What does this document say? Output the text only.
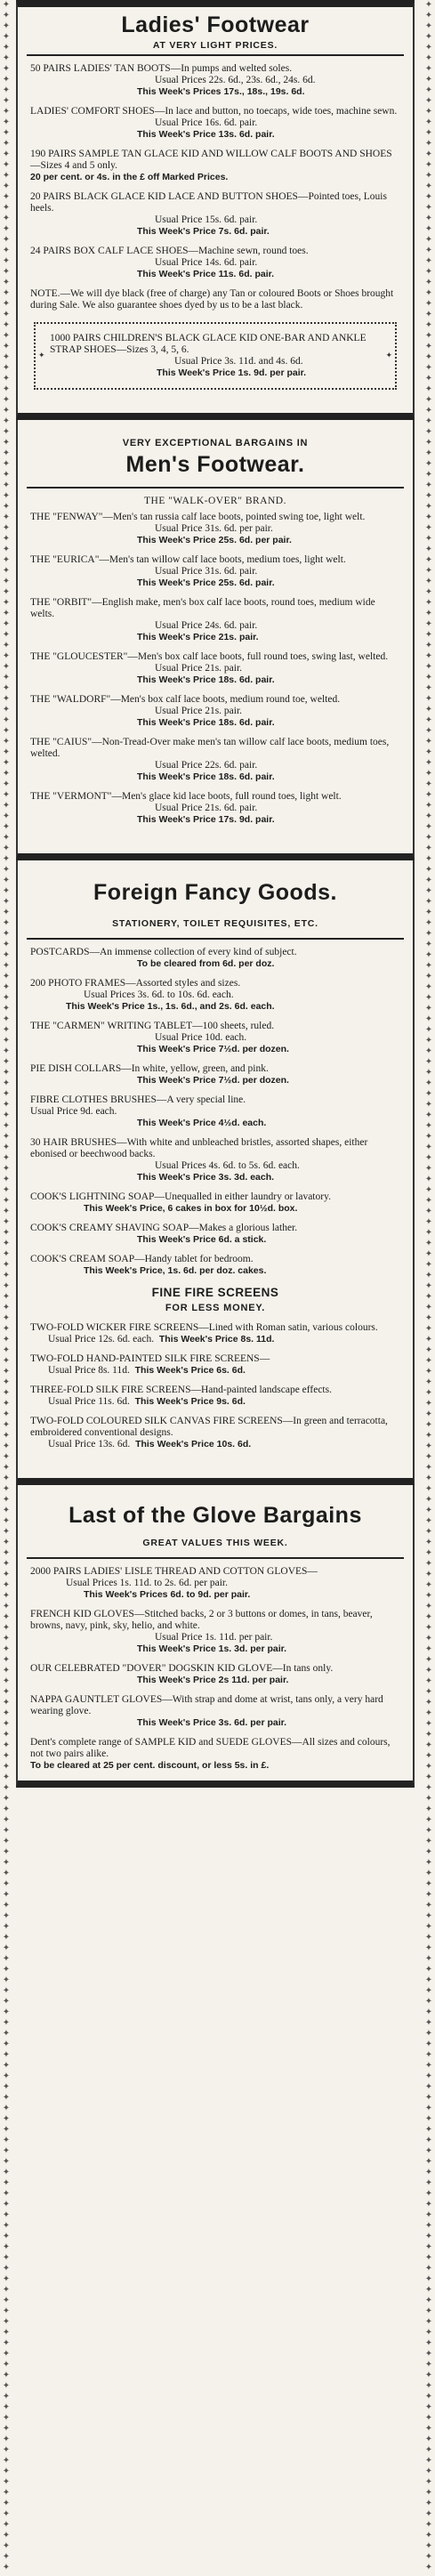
✦
✦
✦
✦
✦
✦
✦
✦
✦
✦
✦
✦
✦
✦
✦
✦
✦
✦
✦
✦
✦
✦
✦
✦
✦
✦
✦
✦
✦
✦
✦
✦
✦
✦
✦
✦
✦
✦
✦
✦
✦
✦
✦
✦
✦
✦
✦
✦
✦
✦
✦
✦
✦
✦
✦
✦
✦
✦
✦
✦
✦
✦
✦
✦
✦
✦
✦
✦
✦
✦
✦
✦
✦
✦
✦
✦
✦
✦
✦
✦
✦
✦
✦
✦
✦
✦
✦
✦
✦
✦
✦
✦
✦
✦
✦
✦
✦
✦
✦
✦
✦
✦
✦
✦
✦
✦
✦
✦
✦
✦
✦
✦
✦
✦
✦
✦
✦
✦
✦
✦
✦
✦
✦
✦
✦
✦
✦
✦
✦
✦
✦
✦
✦
✦
✦
✦
✦
✦
✦
✦
✦
✦
✦
✦
✦
✦
✦
✦
✦
✦
✦
✦
✦
✦
✦
✦
✦
✦
✦
✦
✦
✦
✦
✦
✦
✦
✦
✦
✦
✦
✦
✦
✦
✦
✦
✦
✦
✦
✦
✦
✦
✦
✦
✦
✦
✦
✦
✦
✦
✦
✦
✦
✦
✦
✦
✦
✦
✦
✦
✦
✦
✦
✦
✦
✦
✦
✦
✦
✦
✦
✦
✦
✦
✦
✦
✦
✦
✦
✦
✦
✦
✦
✦
✦
✦
✦
✦
✦
✦
✦
✦
✦
✦
✦
✦
✦
✦
✦
✦
✦
✦
✦
✦
✦
✦
✦
✦
✦
✦
✦
✦
✦
✦
✦
✦
✦
✦
✦
✦
✦
✦
✦
✦
✦
✦
✦
✦
✦
✦
✦
✦
✦
✦
✦
✦
✦
✦
✦
✦
✦
✦
✦
✦
✦
✦
✦
✦
✦
✦
✦
✦
✦
✦
✦
✦
✦
✦
✦
✦
✦
✦
✦
✦
✦
✦
✦
✦
✦
✦
✦
✦
✦
✦
✦
✦
✦
✦
✦
✦
✦
✦
✦
✦
✦
✦
✦
✦
✦
✦
✦
✦
✦
✦
✦
✦
✦
✦
✦
✦
✦
✦
✦
✦
✦
✦
✦
✦
✦
✦
✦
✦
✦
✦
✦
✦
✦
✦
✦
✦
✦
✦
✦
✦
✦
✦
✦
✦
✦
✦
✦
✦
✦
✦
✦
✦
✦
✦
✦
✦
✦
✦
✦
✦
✦
✦
✦
✦
✦
✦
✦
✦
✦
✦
✦
✦
✦
✦
✦
✦
✦
✦
✦
✦
✦
✦
✦
✦
✦
✦
✦
✦
✦
✦
✦
✦
✦
✦
✦
✦
✦
✦
✦
✦
✦
✦
✦
✦
✦
✦
✦
✦
✦
✦
✦
✦
✦
✦
✦
✦
✦
✦
✦
✦
✦
✦
✦
✦
✦
✦
✦
✦
✦
✦
✦
✦
✦
✦
✦
✦
✦
✦
✦
✦
✦
✦
✦
✦
✦
✦
✦
✦
✦
✦
✦
✦
✦
✦
✦
✦
✦
✦
✦
Ladies' Footwear
AT VERY LIGHT PRICES.
50 PAIRS LADIES' TAN BOOTS—In pumps and welted soles.
Usual Prices 22s. 6d., 23s. 6d., 24s. 6d.
This Week's Prices 17s., 18s., 19s. 6d.
LADIES' COMFORT SHOES—In lace and button, no toecaps, wide toes, machine sewn.
Usual Price 16s. 6d. pair.
This Week's Price 13s. 6d. pair.
190 PAIRS SAMPLE TAN GLACE KID AND WILLOW CALF BOOTS AND SHOES—Sizes 4 and 5 only.
20 per cent. or 4s. in the £ off Marked Prices.
20 PAIRS BLACK GLACE KID LACE AND BUTTON SHOES—Pointed toes, Louis heels.
Usual Price 15s. 6d. pair.
This Week's Price 7s. 6d. pair.
24 PAIRS BOX CALF LACE SHOES—Machine sewn, round toes.
Usual Price 14s. 6d. pair.
This Week's Price 11s. 6d. pair.
NOTE.—We will dye black (free of charge) any Tan or coloured Boots or Shoes brought during Sale. We also guarantee shoes dyed by us to be a last black.
✦ 1000 PAIRS CHILDREN'S BLACK GLACE KID ONE-BAR AND ANKLE STRAP SHOES—Sizes 3, 4, 5, 6.
Usual Price 3s. 11d. and 4s. 6d.
This Week's Price 1s. 9d. per pair.
✦
VERY EXCEPTIONAL BARGAINS IN
Men's Footwear.
THE "WALK-OVER" BRAND.
THE "FENWAY"—Men's tan russia calf lace boots, pointed swing toe, light welt.
Usual Price 31s. 6d. per pair.
This Week's Price 25s. 6d. per pair.
THE "EURICA"—Men's tan willow calf lace boots, medium toes, light welt.
Usual Price 31s. 6d. pair.
This Week's Price 25s. 6d. pair.
THE "ORBIT"—English make, men's box calf lace boots, round toes, medium wide welts.
Usual Price 24s. 6d. pair.
This Week's Price 21s. pair.
THE "GLOUCESTER"—Men's box calf lace boots, full round toes, swing last, welted.
Usual Price 21s. pair.
This Week's Price 18s. 6d. pair.
THE "WALDORF"—Men's box calf lace boots, medium round toe, welted.
Usual Price 21s. pair.
This Week's Price 18s. 6d. pair.
THE "CAIUS"—Non-Tread-Over make men's tan willow calf lace boots, medium toes, welted.
Usual Price 22s. 6d. pair.
This Week's Price 18s. 6d. pair.
THE "VERMONT"—Men's glace kid lace boots, full round toes, light welt.
Usual Price 21s. 6d. pair.
This Week's Price 17s. 9d. pair.
Foreign Fancy Goods.
STATIONERY, TOILET REQUISITES, ETC.
POSTCARDS—An immense collection of every kind of subject.
To be cleared from 6d. per doz.
200 PHOTO FRAMES—Assorted styles and sizes.
Usual Prices 3s. 6d. to 10s. 6d. each.
This Week's Price 1s., 1s. 6d., and 2s. 6d. each.
THE "CARMEN" WRITING TABLET—100 sheets, ruled.
Usual Price 10d. each.
This Week's Price 7½d. per dozen.
PIE DISH COLLARS—In white, yellow, green, and pink.
This Week's Price 7½d. per dozen.
FIBRE CLOTHES BRUSHES—A very special line.
Usual Price 9d. each.
This Week's Price 4½d. each.
30 HAIR BRUSHES—With white and unbleached bristles, assorted shapes, either ebonised or beechwood backs.
Usual Prices 4s. 6d. to 5s. 6d. each.
This Week's Price 3s. 3d. each.
COOK'S LIGHTNING SOAP—Unequalled in either laundry or lavatory.
This Week's Price, 6 cakes in box for 10½d. box.
COOK'S CREAMY SHAVING SOAP—Makes a glorious lather.
This Week's Price 6d. a stick.
COOK'S CREAM SOAP—Handy tablet for bedroom.
This Week's Price, 1s. 6d. per doz. cakes.
FINE FIRE SCREENS
FOR LESS MONEY.
TWO-FOLD WICKER FIRE SCREENS—Lined with Roman satin, various colours.
Usual Price 12s. 6d. each. This Week's Price 8s. 11d.
TWO-FOLD HAND-PAINTED SILK FIRE SCREENS—
Usual Price 8s. 11d. This Week's Price 6s. 6d.
THREE-FOLD SILK FIRE SCREENS—Hand-painted landscape effects.
Usual Price 11s. 6d. This Week's Price 9s. 6d.
TWO-FOLD COLOURED SILK CANVAS FIRE SCREENS—In green and terracotta, embroidered conventional designs.
Usual Price 13s. 6d. This Week's Price 10s. 6d.
Last of the Glove Bargains
GREAT VALUES THIS WEEK.
2000 PAIRS LADIES' LISLE THREAD AND COTTON GLOVES—
Usual Prices 1s. 11d. to 2s. 6d. per pair.
This Week's Prices 6d. to 9d. per pair.
FRENCH KID GLOVES—Stitched backs, 2 or 3 buttons or domes, in tans, beaver, browns, navy, pink, sky, helio, and white.
Usual Price 1s. 11d. per pair.
This Week's Price 1s. 3d. per pair.
OUR CELEBRATED "DOVER" DOGSKIN KID GLOVE—In tans only.
This Week's Price 2s 11d. per pair.
NAPPA GAUNTLET GLOVES—With strap and dome at wrist, tans only, a very hard wearing glove.
This Week's Price 3s. 6d. per pair.
Dent's complete range of SAMPLE KID and SUEDE GLOVES—All sizes and colours, not two pairs alike.
To be cleared at 25 per cent. discount, or less 5s. in £.
